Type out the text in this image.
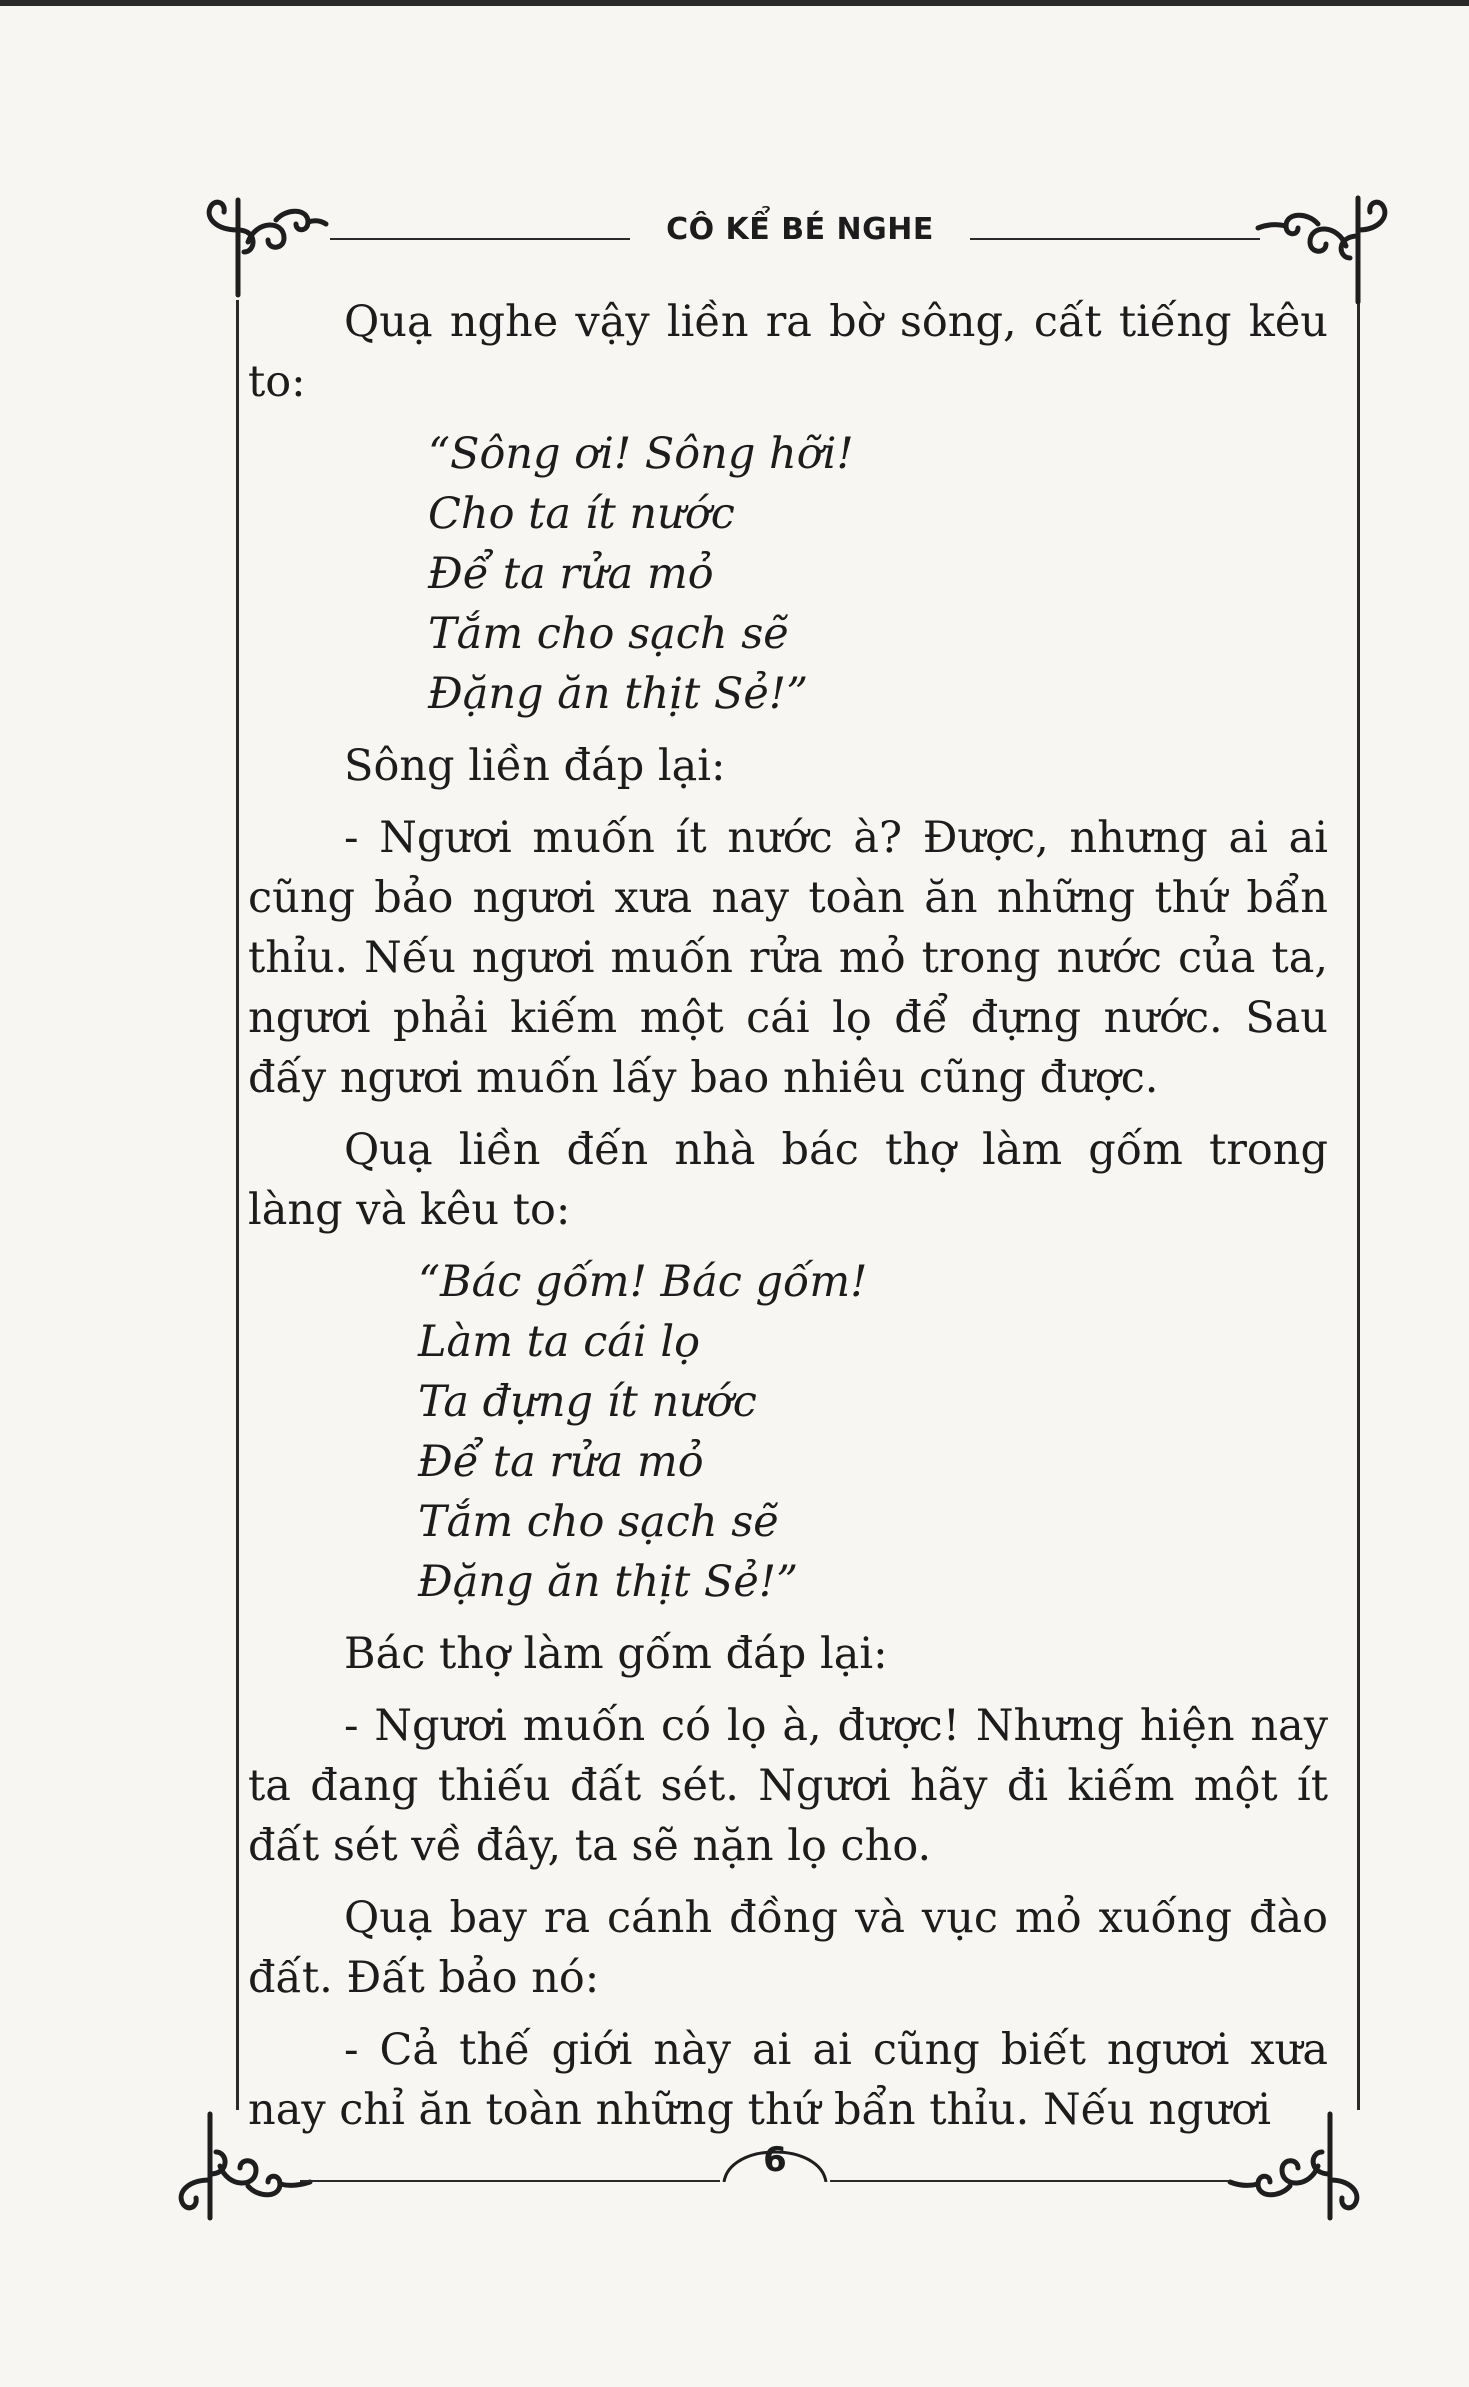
CÔ KỂ BÉ NGHE

Quạ nghe vậy liền ra bờ sông, cất tiếng kêu to:

“Sông ơi! Sông hỡi!
Cho ta ít nước
Để ta rửa mỏ
Tắm cho sạch sẽ
Đặng ăn thịt Sẻ!”

Sông liền đáp lại:

- Ngươi muốn ít nước à? Được, nhưng ai ai cũng bảo ngươi xưa nay toàn ăn những thứ bẩn thỉu. Nếu ngươi muốn rửa mỏ trong nước của ta, ngươi phải kiếm một cái lọ để đựng nước. Sau đấy ngươi muốn lấy bao nhiêu cũng được.

Quạ liền đến nhà bác thợ làm gốm trong làng và kêu to:

“Bác gốm! Bác gốm!
Làm ta cái lọ
Ta đựng ít nước
Để ta rửa mỏ
Tắm cho sạch sẽ
Đặng ăn thịt Sẻ!”

Bác thợ làm gốm đáp lại:

- Ngươi muốn có lọ à, được! Nhưng hiện nay ta đang thiếu đất sét. Ngươi hãy đi kiếm một ít đất sét về đây, ta sẽ nặn lọ cho.

Quạ bay ra cánh đồng và vục mỏ xuống đào đất. Đất bảo nó:

- Cả thế giới này ai ai cũng biết ngươi xưa nay chỉ ăn toàn những thứ bẩn thỉu. Nếu ngươi

6
